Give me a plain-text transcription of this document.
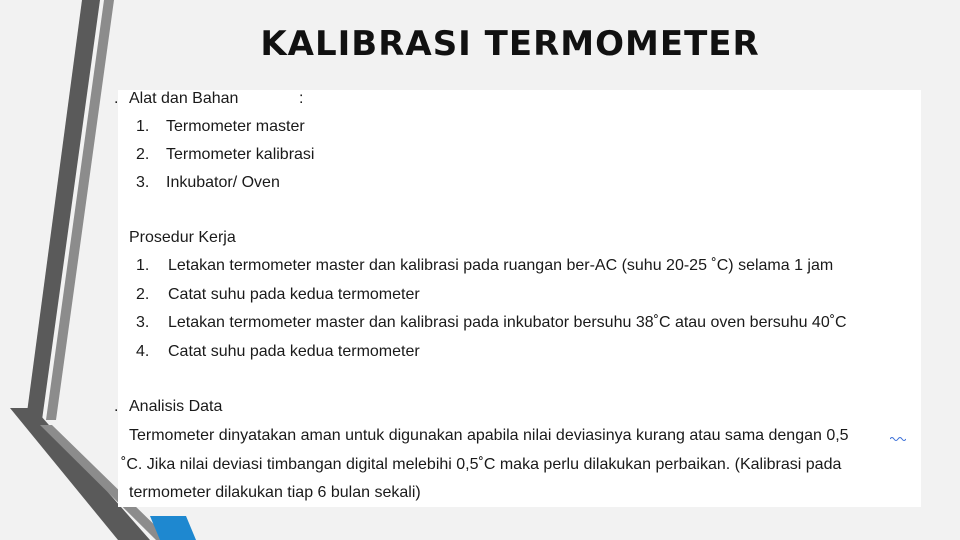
KALIBRASI TERMOMETER
. Alat dan Bahan	:
1. Termometer master
2. Termometer kalibrasi
3. Inkubator/ Oven
Prosedur Kerja
1. Letakan termometer master dan kalibrasi pada ruangan ber-AC (suhu 20-25 ˚C) selama 1 jam
2. Catat suhu pada kedua termometer
3. Letakan termometer master dan kalibrasi pada inkubator bersuhu 38˚C atau oven bersuhu 40˚C
4. Catat suhu pada kedua termometer
. Analisis Data
Termometer dinyatakan aman untuk digunakan apabila nilai deviasinya kurang atau sama dengan 0,5
˚C. Jika nilai deviasi timbangan digital melebihi 0,5˚C maka perlu dilakukan perbaikan. (Kalibrasi pada
termometer dilakukan tiap 6 bulan sekali)
